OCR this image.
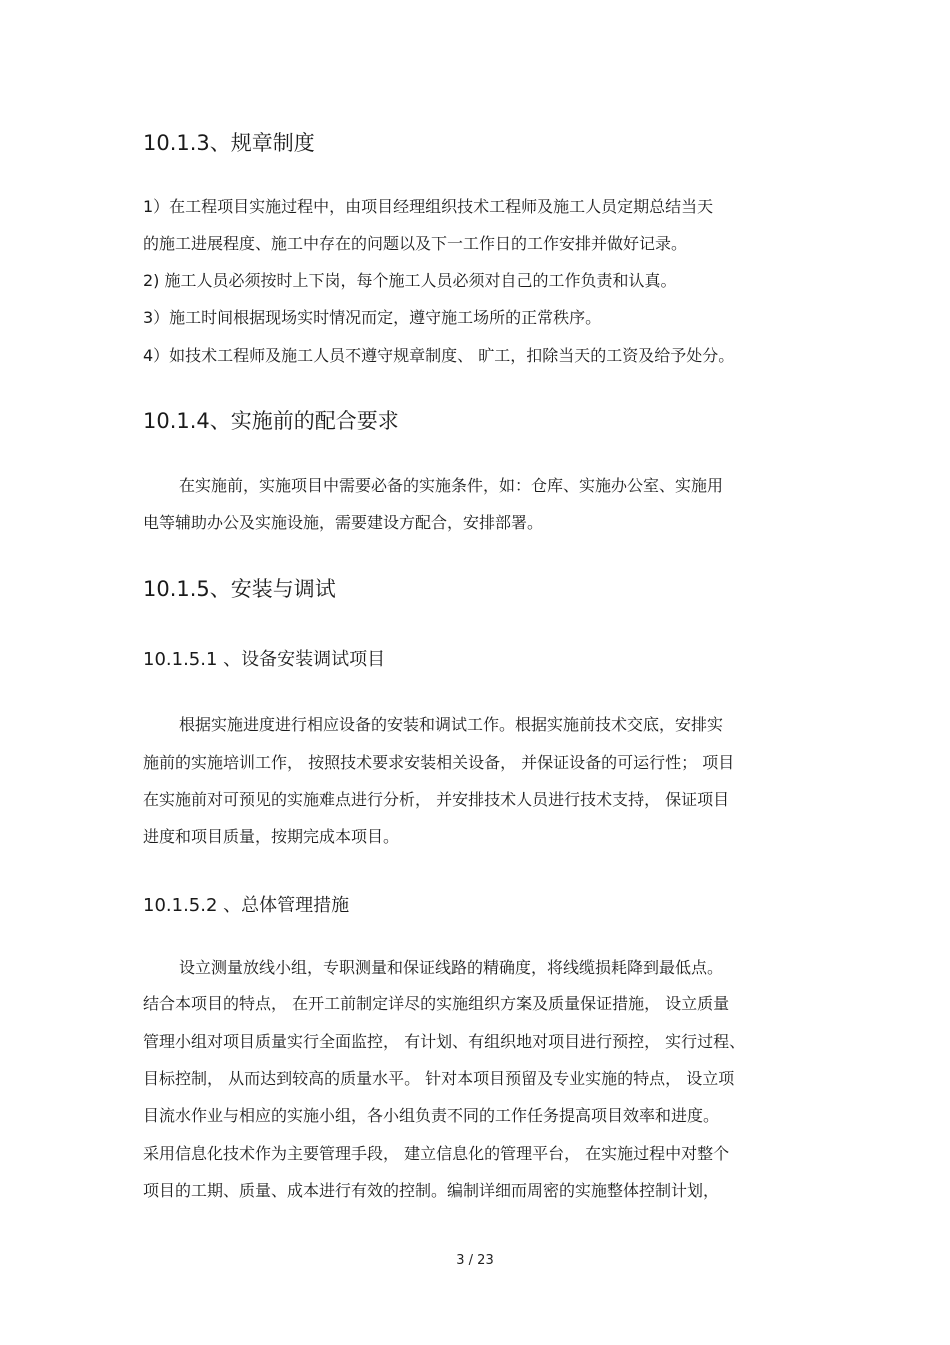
10.1.3、规章制度

1）在工程项目实施过程中，由项目经理组织技术工程师及施工人员定期总结当天

的施工进展程度、施工中存在的问题以及下一工作日的工作安排并做好记录。

2) 施工人员必须按时上下岗，每个施工人员必须对自己的工作负责和认真。

3）施工时间根据现场实时情况而定，遵守施工场所的正常秩序。

4）如技术工程师及施工人员不遵守规章制度、 旷工，扣除当天的工资及给予处分。

10.1.4、实施前的配合要求

在实施前，实施项目中需要必备的实施条件，如：仓库、实施办公室、实施用

电等辅助办公及实施设施，需要建设方配合，安排部署。

10.1.5、安装与调试
10.1.5.1 、设备安装调试项目

根据实施进度进行相应设备的安装和调试工作。根据实施前技术交底，安排实

施前的实施培训工作， 按照技术要求安装相关设备， 并保证设备的可运行性； 项目

在实施前对可预见的实施难点进行分析， 并安排技术人员进行技术支持， 保证项目

进度和项目质量，按期完成本项目。

10.1.5.2 、总体管理措施

设立测量放线小组，专职测量和保证线路的精确度，将线缆损耗降到最低点。

结合本项目的特点， 在开工前制定详尽的实施组织方案及质量保证措施， 设立质量

管理小组对项目质量实行全面监控， 有计划、有组织地对项目进行预控， 实行过程、

目标控制， 从而达到较高的质量水平。 针对本项目预留及专业实施的特点， 设立项

目流水作业与相应的实施小组，各小组负责不同的工作任务提高项目效率和进度。

采用信息化技术作为主要管理手段， 建立信息化的管理平台， 在实施过程中对整个

项目的工期、质量、成本进行有效的控制。编制详细而周密的实施整体控制计划，

3 / 23
